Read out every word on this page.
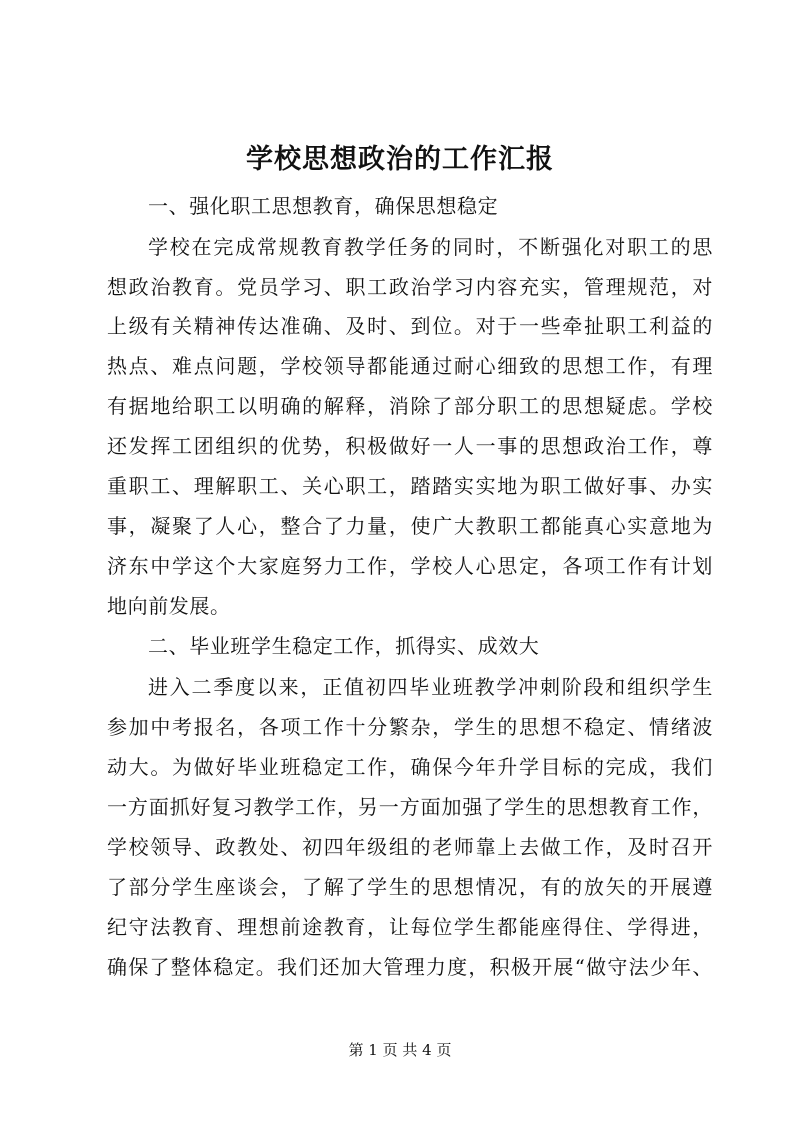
学校思想政治的工作汇报
一、强化职工思想教育，确保思想稳定
学校在完成常规教育教学任务的同时，不断强化对职工的思
想政治教育。党员学习、职工政治学习内容充实，管理规范，对
上级有关精神传达准确、及时、到位。对于一些牵扯职工利益的
热点、难点问题，学校领导都能通过耐心细致的思想工作，有理
有据地给职工以明确的解释，消除了部分职工的思想疑虑。学校
还发挥工团组织的优势，积极做好一人一事的思想政治工作，尊
重职工、理解职工、关心职工，踏踏实实地为职工做好事、办实
事，凝聚了人心，整合了力量，使广大教职工都能真心实意地为
济东中学这个大家庭努力工作，学校人心思定，各项工作有计划
地向前发展。
二、毕业班学生稳定工作，抓得实、成效大
进入二季度以来，正值初四毕业班教学冲刺阶段和组织学生
参加中考报名，各项工作十分繁杂，学生的思想不稳定、情绪波
动大。为做好毕业班稳定工作，确保今年升学目标的完成，我们
一方面抓好复习教学工作，另一方面加强了学生的思想教育工作，
学校领导、政教处、初四年级组的老师靠上去做工作，及时召开
了部分学生座谈会，了解了学生的思想情况，有的放矢的开展遵
纪守法教育、理想前途教育，让每位学生都能座得住、学得进，
确保了整体稳定。我们还加大管理力度，积极开展“做守法少年、
第 1 页 共 4 页
